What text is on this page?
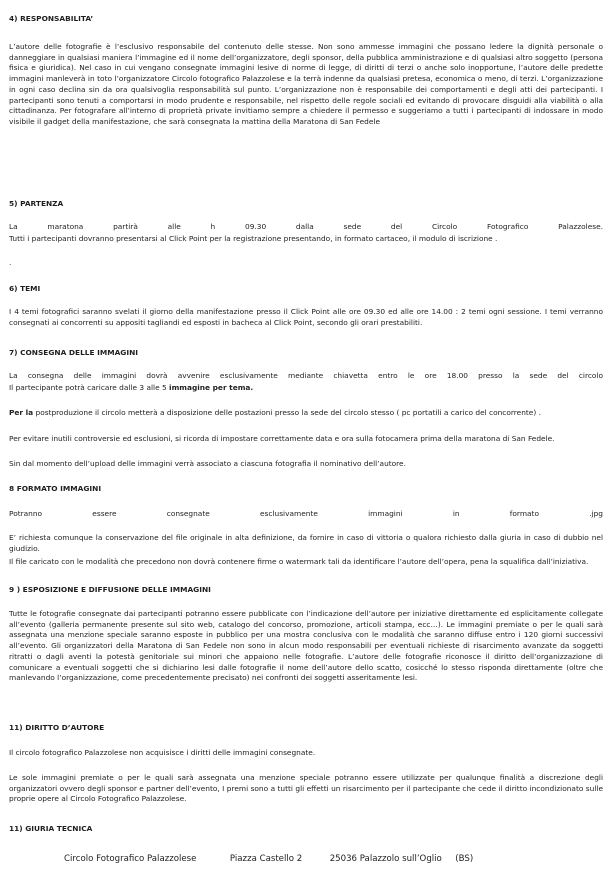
4) RESPONSABILITA’

L’autore delle fotografie è l’esclusivo responsabile del contenuto delle stesse. Non sono ammesse immagini che possano ledere la dignità personale o danneggiare in qualsiasi maniera l’immagine ed il nome dell’organizzatore, degli sponsor, della pubblica amministrazione e di qualsiasi altro soggetto (persona fisica e giuridica). Nel caso in cui vengano consegnate immagini lesive di norme di legge, di diritti di terzi o anche solo inopportune, l’autore delle predette immagini manleverà in toto l’organizzatore Circolo fotografico Palazzolese e la terrà indenne da qualsiasi pretesa, economica o meno, di terzi. L’organizzazione in ogni caso declina sin da ora qualsivoglia responsabilità sul punto. L’organizzazione non è responsabile dei comportamenti e degli atti dei partecipanti. I partecipanti sono tenuti a comportarsi in modo prudente e responsabile, nel rispetto delle regole sociali ed evitando di provocare disguidi alla viabilità o alla cittadinanza. Per fotografare all’interno di proprietà private invitiamo sempre a chiedere il permesso e suggeriamo a tutti i partecipanti di indossare in modo visibile il gadget della manifestazione, che sarà consegnata la mattina della Maratona di San Fedele

5) PARTENZA

La maratona partirà alle h 09.30 dalla sede del Circolo Fotografico Palazzolese.

Tutti i partecipanti dovranno presentarsi al Click Point per la registrazione presentando, in formato cartaceo, il modulo di iscrizione .

.

6) TEMI

I 4 temi fotografici saranno svelati il giorno della manifestazione presso il Click Point alle ore 09.30 ed alle ore 14.00 : 2 temi ogni sessione. I temi verranno consegnati ai concorrenti su appositi tagliandi ed esposti in bacheca al Click Point, secondo gli orari prestabiliti.

7) CONSEGNA DELLE IMMAGINI

La consegna delle immagini dovrà avvenire esclusivamente mediante chiavetta entro le ore 18.00 presso la sede del circolo

Il partecipante potrà caricare dalle 3 alle 5 immagine per tema.

Per la postproduzione il circolo metterà a disposizione delle postazioni presso la sede del circolo stesso ( pc portatili a carico del concorrente) .

Per evitare inutili controversie ed esclusioni, si ricorda di impostare correttamente data e ora sulla fotocamera prima della maratona di San Fedele.

Sin dal momento dell’upload delle immagini verrà associato a ciascuna fotografia il nominativo dell’autore.

8 FORMATO IMMAGINI

Potranno essere consegnate esclusivamente immagini in formato .jpg

E’ richiesta comunque la conservazione del file originale in alta definizione, da fornire in caso di vittoria o qualora richiesto dalla giuria in caso di dubbio nel giudizio.

Il file caricato con le modalità che precedono non dovrà contenere firme o watermark tali da identificare l’autore dell’opera, pena la squalifica dall’iniziativa.

9 ) ESPOSIZIONE E DIFFUSIONE DELLE IMMAGINI

Tutte le fotografie consegnate dai partecipanti potranno essere pubblicate con l’indicazione dell’autore per iniziative direttamente ed esplicitamente collegate all’evento (galleria permanente presente sul sito web, catalogo del concorso, promozione, articoli stampa, ecc…). Le immagini premiate o per le quali sarà assegnata una menzione speciale saranno esposte in pubblico per una mostra conclusiva con le modalità che saranno diffuse entro i 120 giorni successivi all’evento. Gli organizzatori della Maratona di San Fedele non sono in alcun modo responsabili per eventuali richieste di risarcimento avanzate da soggetti ritratti o dagli aventi la potestà genitoriale sui minori che appaiono nelle fotografie. L’autore delle fotografie riconosce il diritto dell’organizzazione di comunicare a eventuali soggetti che si dichiarino lesi dalle fotografie il nome dell’autore dello scatto, cosicché lo stesso risponda direttamente (oltre che manlevando l’organizzazione, come precedentemente precisato) nei confronti dei soggetti asseritamente lesi.

11) DIRITTO D’AUTORE

Il circolo fotografico Palazzolese non acquisisce i diritti delle immagini consegnate.

Le sole immagini premiate o per le quali sarà assegnata una menzione speciale potranno essere utilizzate per qualunque finalità a discrezione degli organizzatori ovvero degli sponsor e partner dell’evento, I premi sono a tutti gli effetti un risarcimento per il partecipante che cede il diritto incondizionato sulle proprie opere al Circolo Fotografico Palazzolese.

11) GIURIA TECNICA
Circolo Fotografico Palazzolese	Piazza Castello 2	25036 Palazzolo sull’Oglio (BS)
